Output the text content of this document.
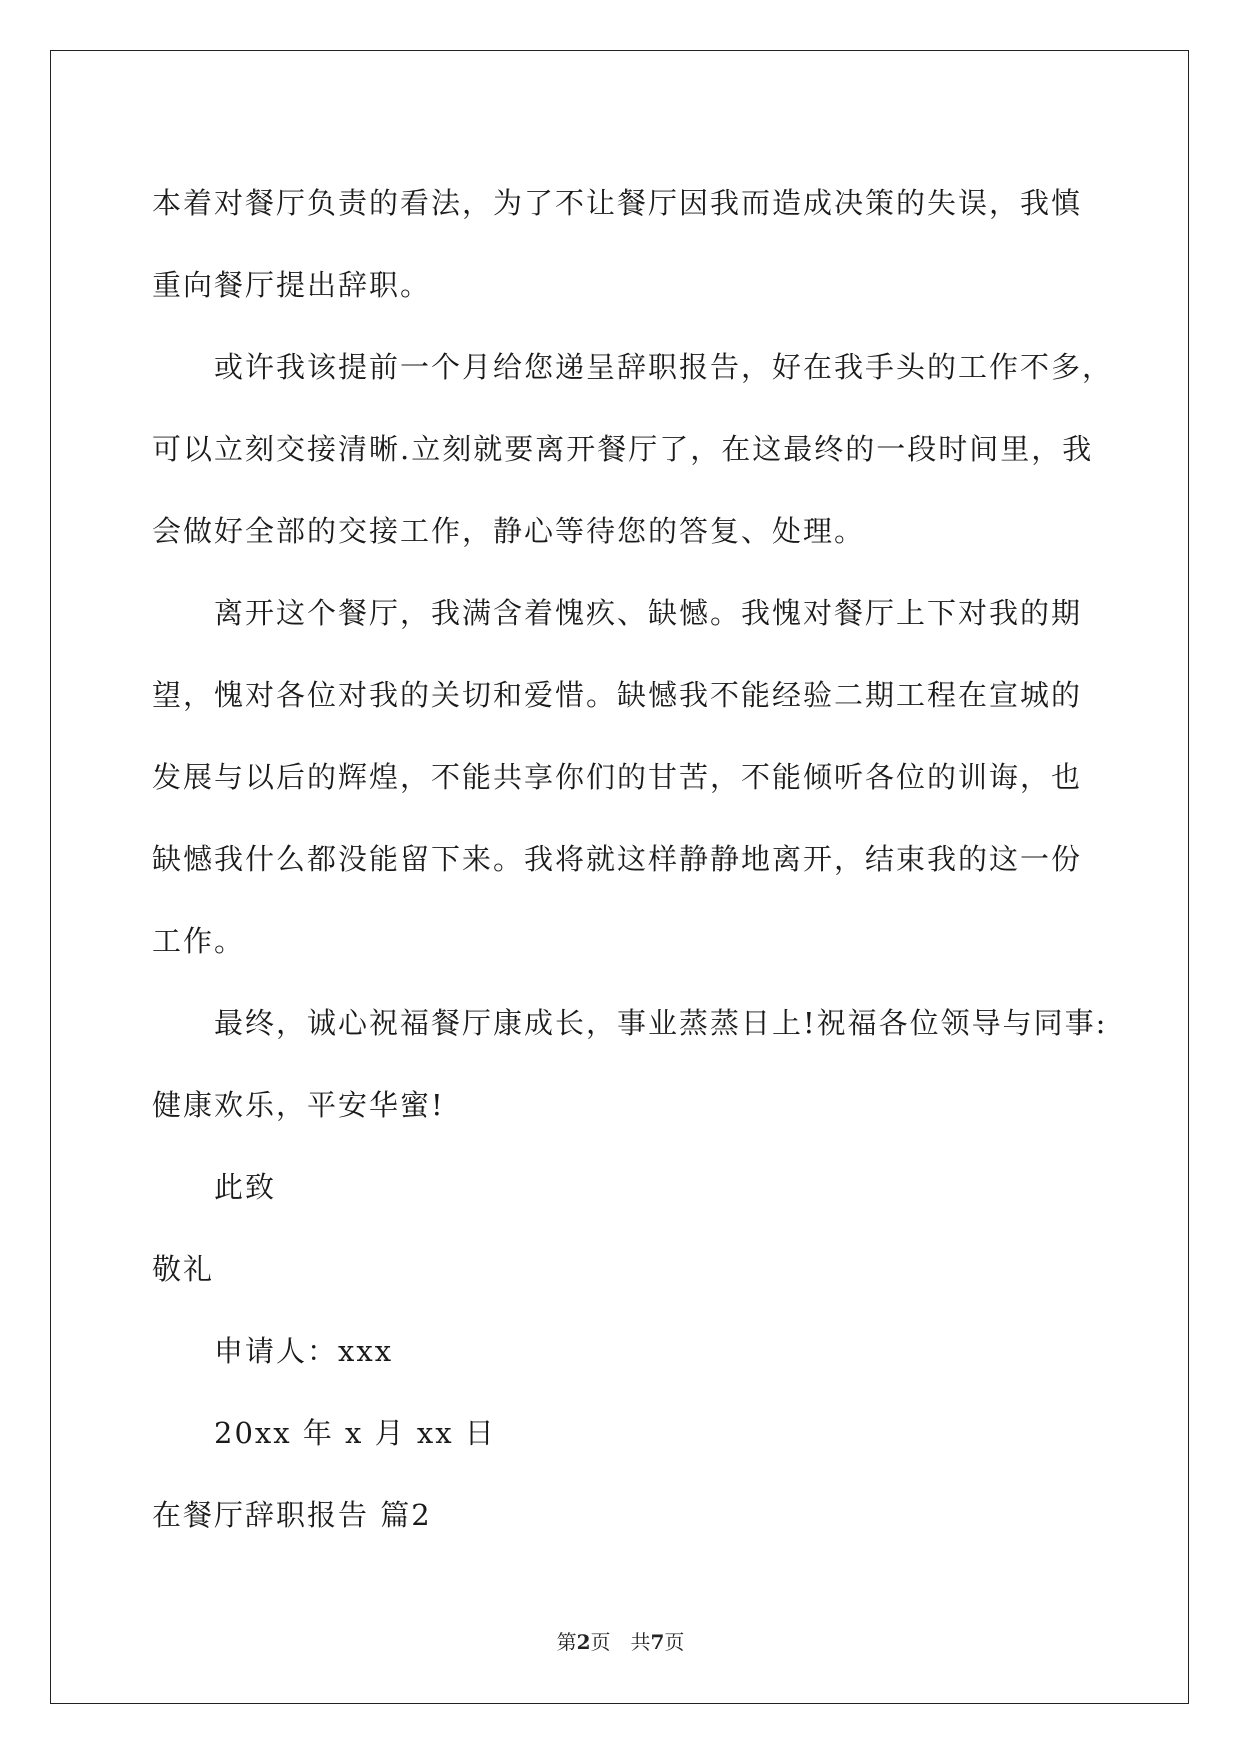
本着对餐厅负责的看法，为了不让餐厅因我而造成决策的失误，我慎
重向餐厅提出辞职。
或许我该提前一个月给您递呈辞职报告，好在我手头的工作不多，
可以立刻交接清晰.立刻就要离开餐厅了，在这最终的一段时间里，我
会做好全部的交接工作，静心等待您的答复、处理。
离开这个餐厅，我满含着愧疚、缺憾。我愧对餐厅上下对我的期
望，愧对各位对我的关切和爱惜。缺憾我不能经验二期工程在宣城的
发展与以后的辉煌，不能共享你们的甘苦，不能倾听各位的训诲，也
缺憾我什么都没能留下来。我将就这样静静地离开，结束我的这一份
工作。
最终，诚心祝福餐厅康成长，事业蒸蒸日上!祝福各位领导与同事:
健康欢乐，平安华蜜!
此致
敬礼
申请人：xxx
20xx 年 x 月 xx 日
在餐厅辞职报告 篇2
第2页　共7页
